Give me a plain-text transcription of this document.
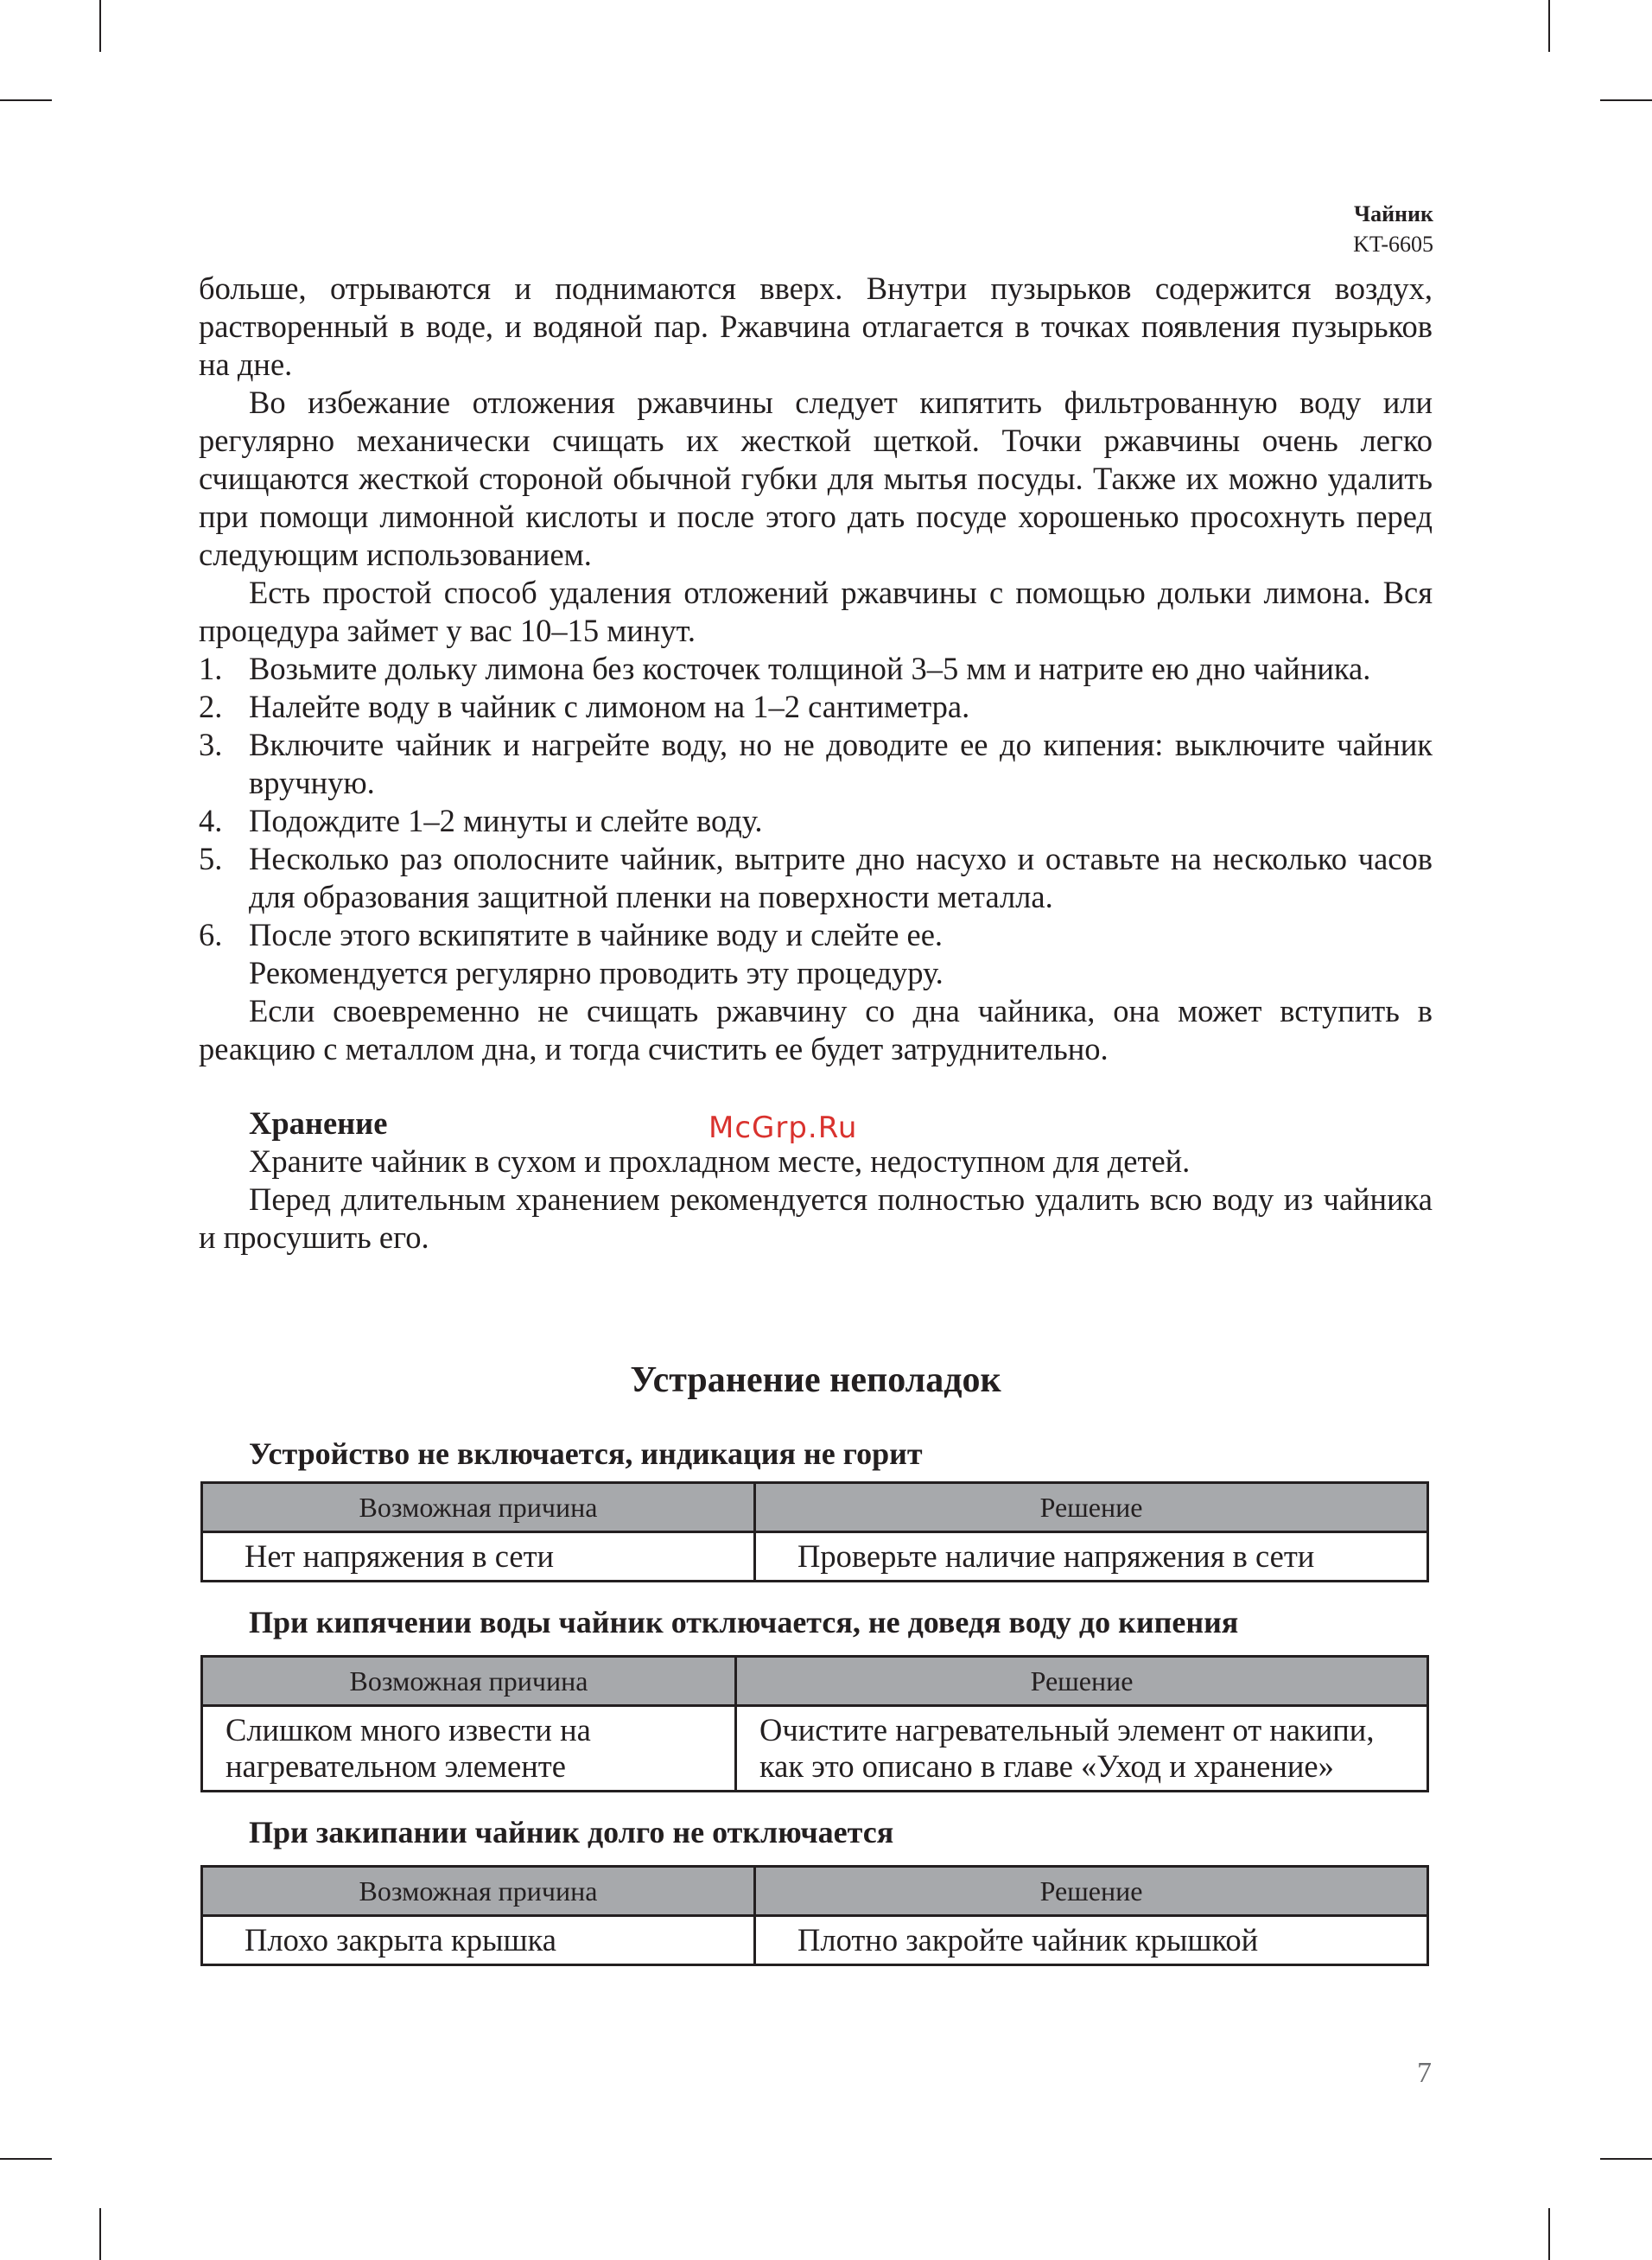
Чайник
KT-6605

больше, отрываются и поднимаются вверх. Внутри пузырьков содержится воздух, растворенный в воде, и водяной пар. Ржавчина отлагается в точках появления пузырьков на дне.

Во избежание отложения ржавчины следует кипятить фильтрованную воду или регулярно механически счищать их жесткой щеткой. Точки ржавчины очень легко счищаются жесткой стороной обычной губки для мытья посуды. Также их можно удалить при помощи лимонной кислоты и после этого дать посуде хорошенько просохнуть перед следующим использованием.

Есть простой способ удаления отложений ржавчины с помощью дольки лимона. Вся процедура займет у вас 10–15 минут.

1. Возьмите дольку лимона без косточек толщиной 3–5 мм и натрите ею дно чайника.
2. Налейте воду в чайник с лимоном на 1–2 сантиметра.
3. Включите чайник и нагрейте воду, но не доводите ее до кипения: выключите чайник вручную.
4. Подождите 1–2 минуты и слейте воду.
5. Несколько раз ополосните чайник, вытрите дно насухо и оставьте на несколько часов для образования защитной пленки на поверхности металла.
6. После этого вскипятите в чайнике воду и слейте ее.

Рекомендуется регулярно проводить эту процедуру.

Если своевременно не счищать ржавчину со дна чайника, она может вступить в реакцию с металлом дна, и тогда счистить ее будет затруднительно.

Хранение

Храните чайник в сухом и прохладном месте, недоступном для детей.

Перед длительным хранением рекомендуется полностью удалить всю воду из чайника и просушить его.

Устранение неполадок
Устройство не включается, индикация не горит
Возможная причина	Решение
Нет напряжения в сети	Проверьте наличие напряжения в сети
При кипячении воды чайник отключается, не доведя воду до кипения
Возможная причина	Решение
Слишком много извести на нагревательном элементе	Очистите нагревательный элемент от накипи, как это описано в главе «Уход и хранение»
При закипании чайник долго не отключается
Возможная причина	Решение
Плохо закрыта крышка	Плотно закройте чайник крышкой
McGrp.Ru
7
